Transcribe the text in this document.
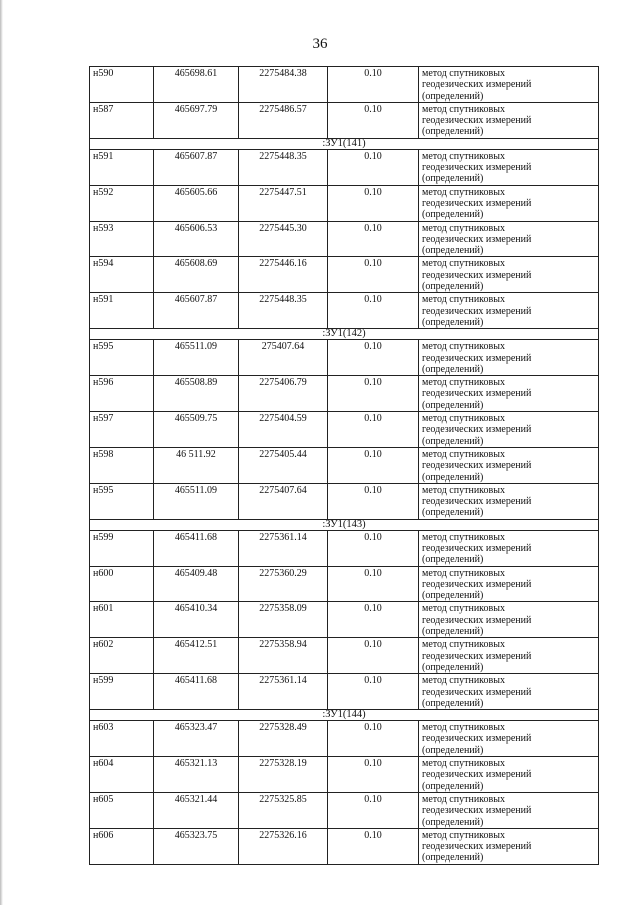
36
н590	465698.61	2275484.38	0.10	метод спутниковых
геодезических измерений
(определений)

н587	465697.79	2275486.57	0.10	метод спутниковых
геодезических измерений
(определений)

:ЗУ1(141)				
н591	465607.87	2275448.35	0.10	метод спутниковых
геодезических измерений
(определений)

н592	465605.66	2275447.51	0.10	метод спутниковых
геодезических измерений
(определений)

н593	465606.53	2275445.30	0.10	метод спутниковых
геодезических измерений
(определений)

н594	465608.69	2275446.16	0.10	метод спутниковых
геодезических измерений
(определений)

н591	465607.87	2275448.35	0.10	метод спутниковых
геодезических измерений
(определений)

:ЗУ1(142)				
н595	465511.09	275407.64	0.10	метод спутниковых
геодезических измерений
(определений)

н596	465508.89	2275406.79	0.10	метод спутниковых
геодезических измерений
(определений)

н597	465509.75	2275404.59	0.10	метод спутниковых
геодезических измерений
(определений)

н598	46 511.92	2275405.44	0.10	метод спутниковых
геодезических измерений
(определений)

н595	465511.09	2275407.64	0.10	метод спутниковых
геодезических измерений
(определений)

:ЗУ1(143)				
н599	465411.68	2275361.14	0.10	метод спутниковых
геодезических измерений
(определений)

н600	465409.48	2275360.29	0.10	метод спутниковых
геодезических измерений
(определений)

н601	465410.34	2275358.09	0.10	метод спутниковых
геодезических измерений
(определений)

н602	465412.51	2275358.94	0.10	метод спутниковых
геодезических измерений
(определений)

н599	465411.68	2275361.14	0.10	метод спутниковых
геодезических измерений
(определений)

:ЗУ1(144)				
н603	465323.47	2275328.49	0.10	метод спутниковых
геодезических измерений
(определений)

н604	465321.13	2275328.19	0.10	метод спутниковых
геодезических измерений
(определений)

н605	465321.44	2275325.85	0.10	метод спутниковых
геодезических измерений
(определений)

н606	465323.75	2275326.16	0.10	метод спутниковых
геодезических измерений
(определений)
